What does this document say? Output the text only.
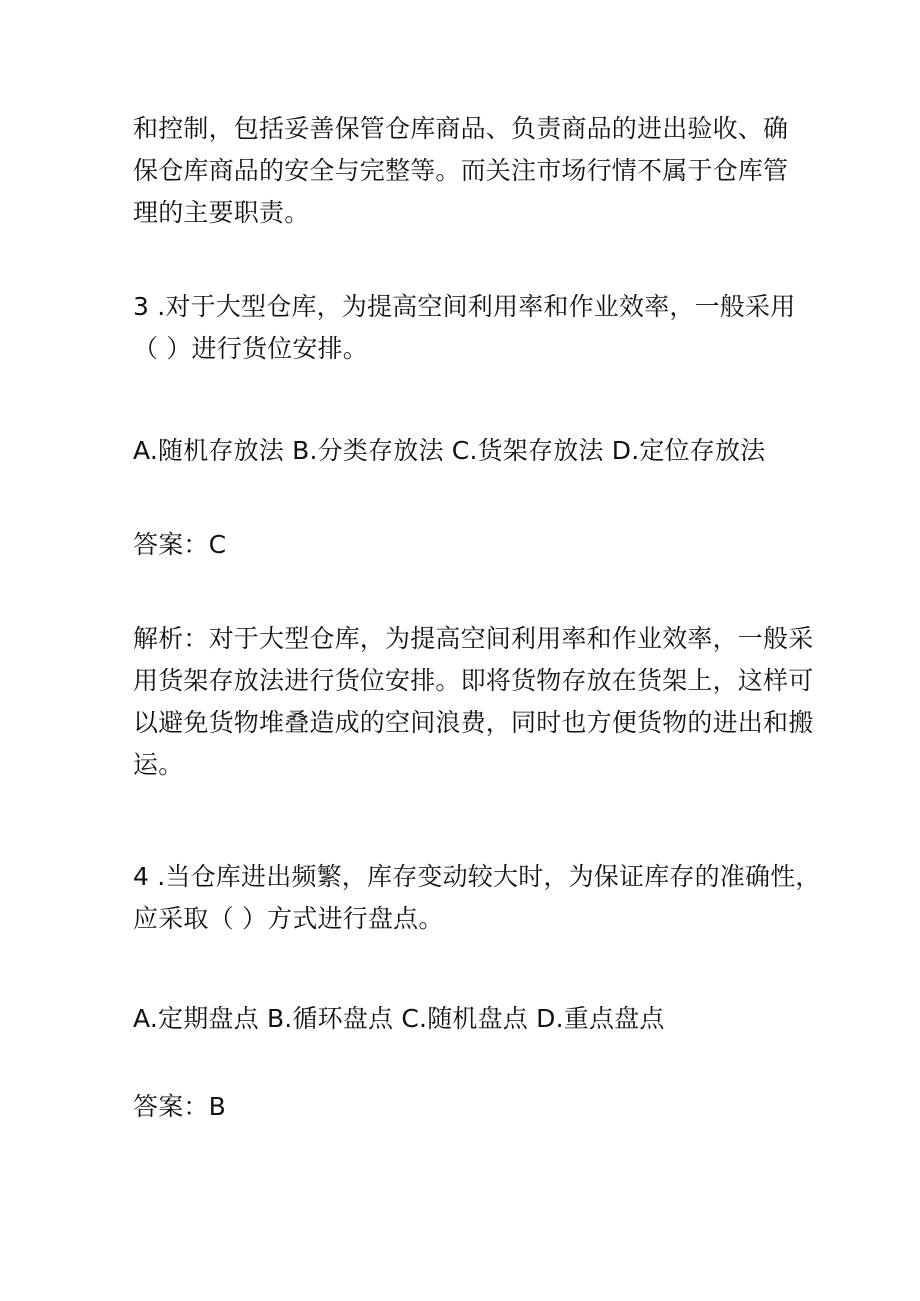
和控制，包括妥善保管仓库商品、负责商品的进出验收、确
保仓库商品的安全与完整等。而关注市场行情不属于仓库管
理的主要职责。

3 .对于大型仓库，为提高空间利用率和作业效率，一般采用
（ ）进行货位安排。

A.随机存放法 B.分类存放法 C.货架存放法 D.定位存放法

答案：C

解析：对于大型仓库，为提高空间利用率和作业效率，一般采
用货架存放法进行货位安排。即将货物存放在货架上，这样可
以避免货物堆叠造成的空间浪费，同时也方便货物的进出和搬
运。

4 .当仓库进出频繁，库存变动较大时，为保证库存的准确性，
应采取（ ）方式进行盘点。

A.定期盘点 B.循环盘点 C.随机盘点 D.重点盘点

答案：B
